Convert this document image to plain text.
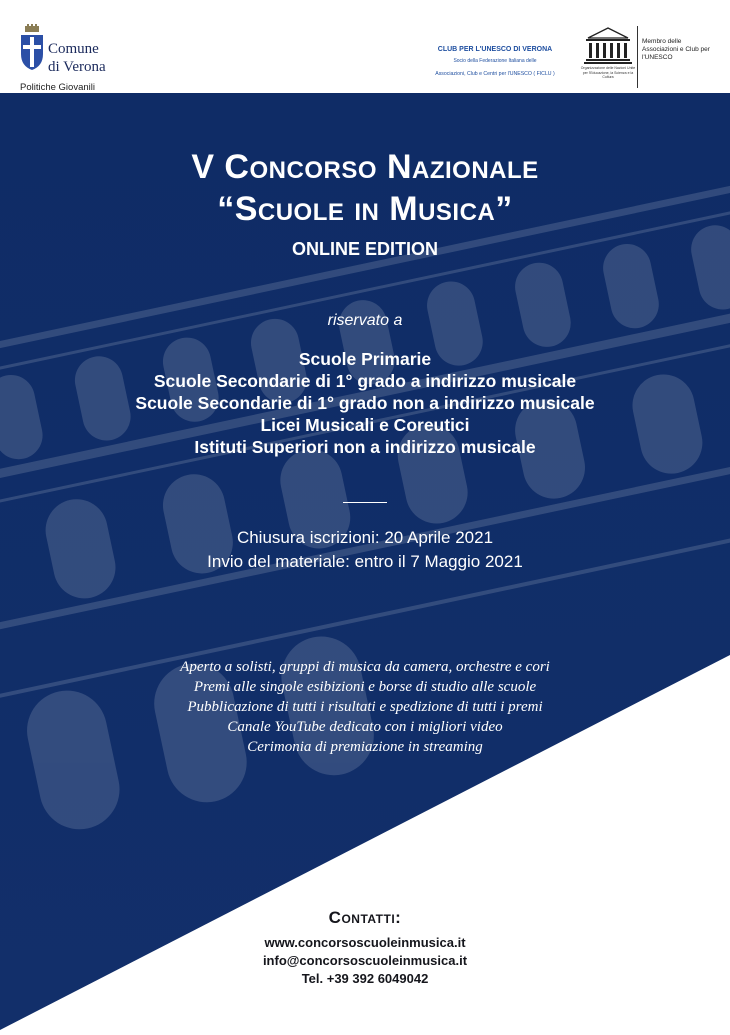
Comune
di Verona
Politiche Giovanili
CLUB PER L'UNESCO DI VERONA
Socio della Federazione Italiana delle
Associazioni, Club e Centri per l'UNESCO ( FICLU )
Organizzazione delle Nazioni Unite per l'Educazione, la Scienza e la Cultura
Membro delle Associazioni e Club per l'UNESCO
V Concorso Nazionale
“Scuole in Musica”
ONLINE EDITION
riservato a
Scuole Primarie
Scuole Secondarie di 1° grado a indirizzo musicale
Scuole Secondarie di 1° grado non a indirizzo musicale
Licei Musicali e Coreutici
Istituti Superiori non a indirizzo musicale
Chiusura iscrizioni: 20 Aprile 2021
Invio del materiale: entro il 7 Maggio 2021
Aperto a solisti, gruppi di musica da camera, orchestre e cori
Premi alle singole esibizioni e borse di studio alle scuole
Pubblicazione di tutti i risultati e spedizione di tutti i premi
Canale YouTube dedicato con i migliori video
Cerimonia di premiazione in streaming
Contatti:
www.concorsoscuoleinmusica.it
info@concorsoscuoleinmusica.it
Tel. +39 392 6049042
